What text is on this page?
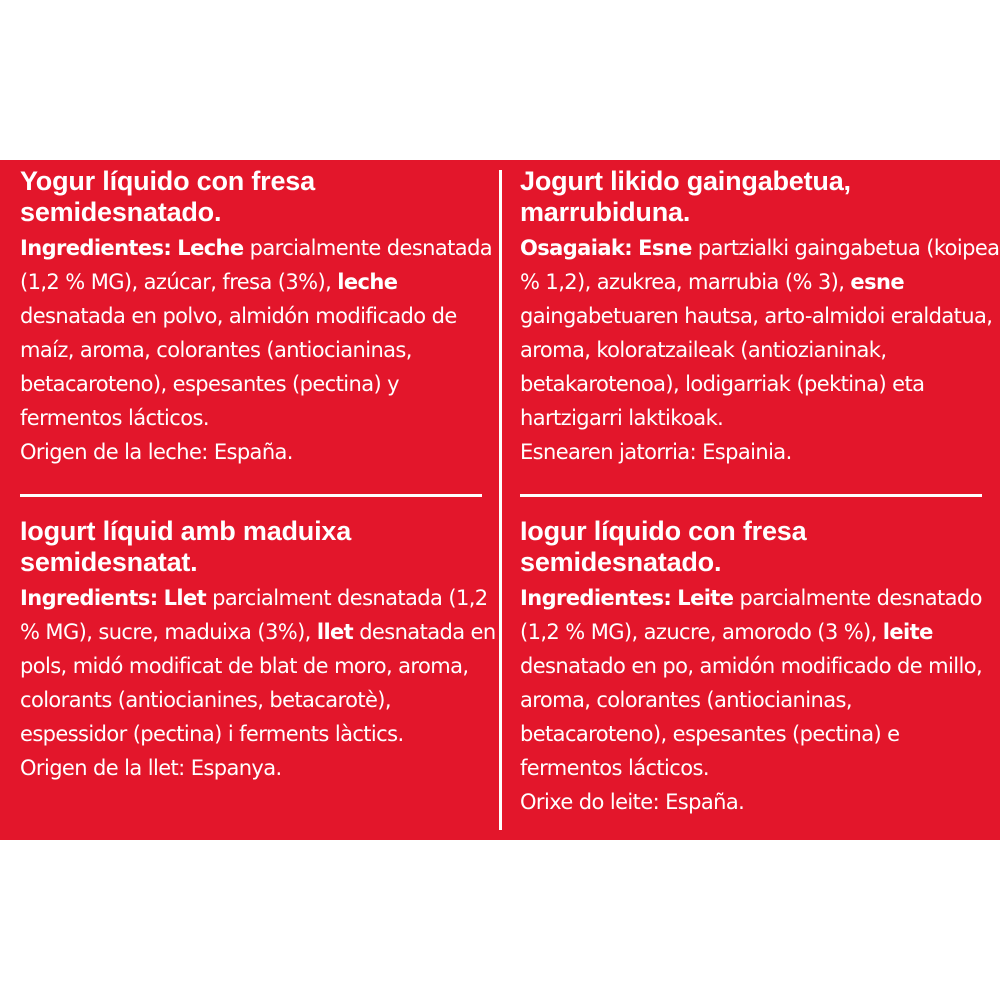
Yogur líquido con fresa
semidesnatado.

Ingredientes: Leche parcialmente desnatada (1,2 % MG), azúcar, fresa (3%), leche desnatada en polvo, almidón modificado de maíz, aroma, colorantes (antiocianinas, betacaroteno), espesantes (pectina) y fermentos lácticos.

Origen de la leche: España.

Jogurt likido gaingabetua,
marrubiduna.

Osagaiak: Esne partzialki gaingabetua (koipea % 1,2), azukrea, marrubia (% 3), esne gaingabetuaren hautsa, arto-almidoi eraldatua, aroma, koloratzaileak (antiozianinak, betakarotenoa), lodigarriak (pektina) eta hartzigarri laktikoak.

Esnearen jatorria: Espainia.

Iogurt líquid amb maduixa
semidesnatat.

Ingredients: Llet parcialment desnatada (1,2 % MG), sucre, maduixa (3%), llet desnatada en pols, midó modificat de blat de moro, aroma, colorants (antiocianines, betacarotè), espessidor (pectina) i ferments làctics.

Origen de la llet: Espanya.

Iogur líquido con fresa
semidesnatado.

Ingredientes: Leite parcialmente desnatado (1,2 % MG), azucre, amorodo (3 %), leite desnatado en po, amidón modificado de millo, aroma, colorantes (antiocianinas, betacaroteno), espesantes (pectina) e fermentos lácticos.

Orixe do leite: España.
